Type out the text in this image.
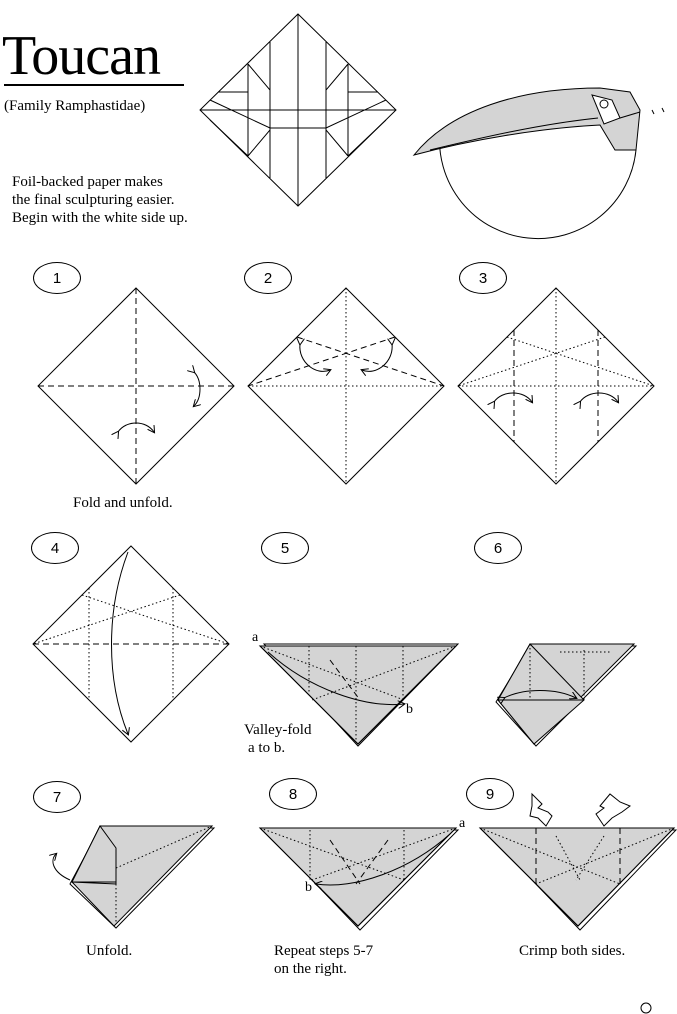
Toucan
(Family Ramphastidae)
Foil-backed paper makes
the final sculpturing easier.
Begin with the white side up.
1	2	3
4	5	6
7	8	9
Fold and unfold.
a
b
Valley-fold
a to b.
Unfold.
a
b
Repeat steps 5-7
on the right.
Crimp both sides.
